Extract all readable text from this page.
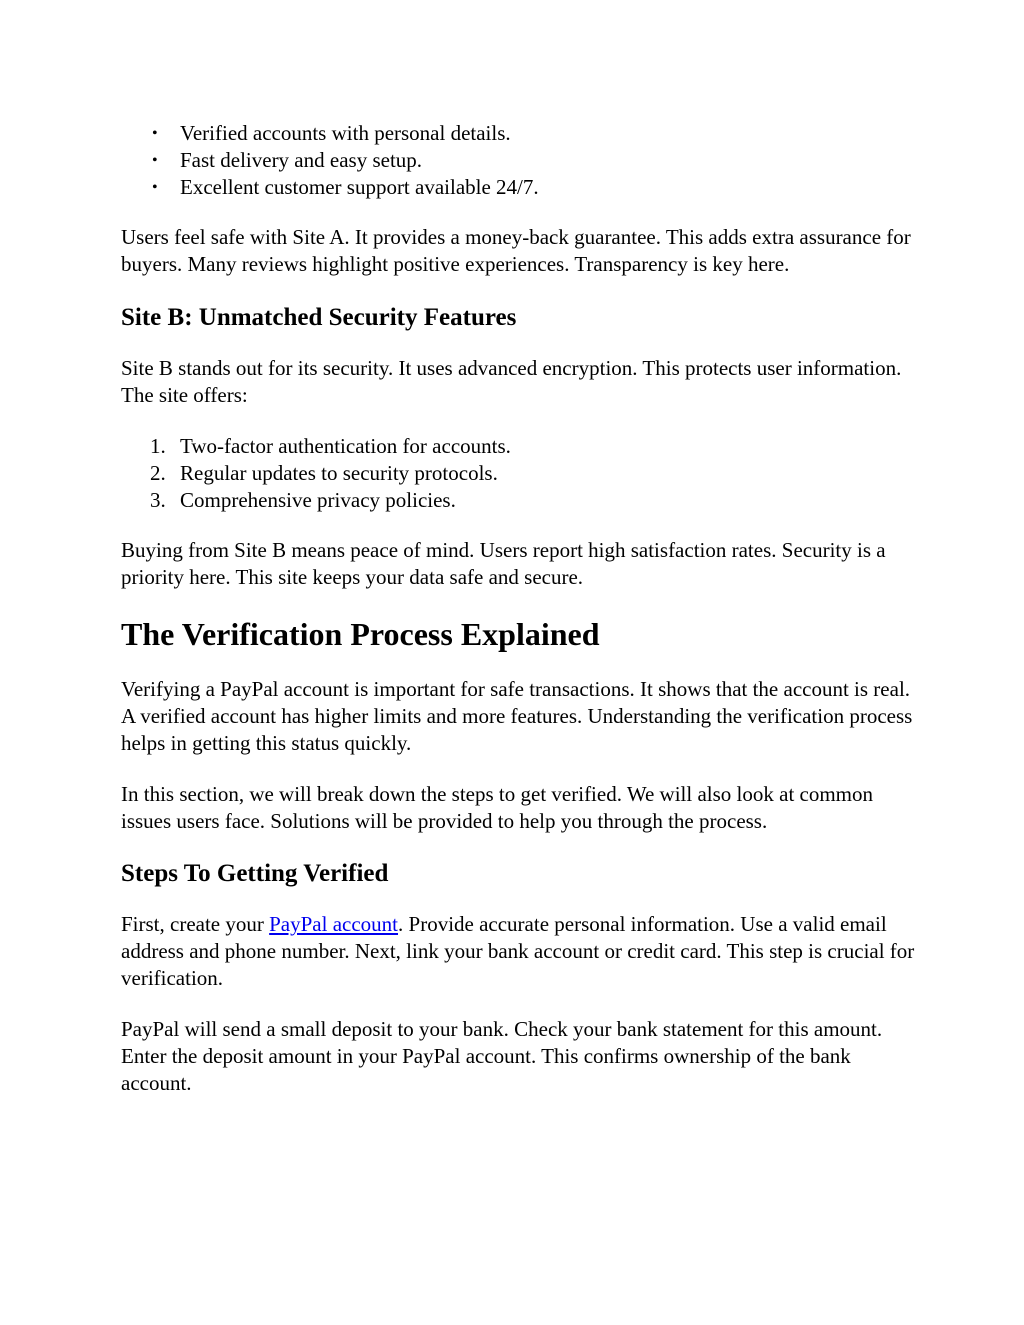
•	Verified accounts with personal details.
•	Fast delivery and easy setup.
•	Excellent customer support available 24/7.

Users feel safe with Site A. It provides a money-back guarantee. This adds extra assurance for buyers. Many reviews highlight positive experiences. Transparency is key here.

Site B: Unmatched Security Features

Site B stands out for its security. It uses advanced encryption. This protects user information. The site offers:

1. Two-factor authentication for accounts.
2. Regular updates to security protocols.
3. Comprehensive privacy policies.

Buying from Site B means peace of mind. Users report high satisfaction rates. Security is a priority here. This site keeps your data safe and secure.

The Verification Process Explained

Verifying a PayPal account is important for safe transactions. It shows that the account is real. A verified account has higher limits and more features. Understanding the verification process helps in getting this status quickly.

In this section, we will break down the steps to get verified. We will also look at common issues users face. Solutions will be provided to help you through the process.

Steps To Getting Verified

First, create your PayPal account. Provide accurate personal information. Use a valid email address and phone number. Next, link your bank account or credit card. This step is crucial for verification.

PayPal will send a small deposit to your bank. Check your bank statement for this amount. Enter the deposit amount in your PayPal account. This confirms ownership of the bank account.
